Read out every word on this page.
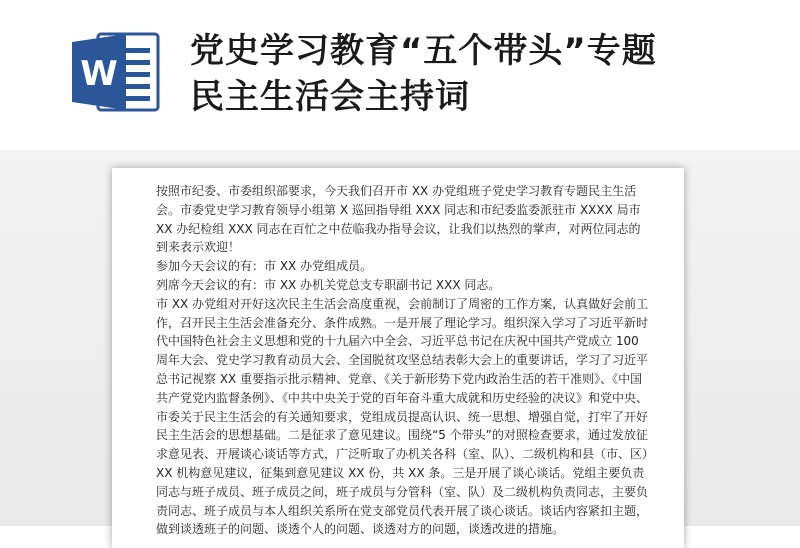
W
党史学习教育“五个带头”专题
民主生活会主持词

按照市纪委、市委组织部要求，今天我们召开市 XX 办党组班子党史学习教育专题民主生活会。市委党史学习教育领导小组第 X 巡回指导组 XXX 同志和市纪委监委派驻市 XXXX 局市 XX 办纪检组 XXX 同志在百忙之中莅临我办指导会议，让我们以热烈的掌声，对两位同志的到来表示欢迎！

参加今天会议的有：市 XX 办党组成员。

列席今天会议的有：市 XX 办机关党总支专职副书记 XXX 同志。

市 XX 办党组对开好这次民主生活会高度重视，会前制订了周密的工作方案，认真做好会前工作，召开民主生活会准备充分、条件成熟。一是开展了理论学习。组织深入学习了习近平新时代中国特色社会主义思想和党的十九届六中全会、习近平总书记在庆祝中国共产党成立 100 周年大会、党史学习教育动员大会、全国脱贫攻坚总结表彰大会上的重要讲话，学习了习近平总书记视察 XX 重要指示批示精神、党章、《关于新形势下党内政治生活的若干准则》、《中国共产党党内监督条例》、《中共中央关于党的百年奋斗重大成就和历史经验的决议》和党中央、市委关于民主生活会的有关通知要求，党组成员提高认识、统一思想、增强自觉，打牢了开好民主生活会的思想基础。二是征求了意见建议。围绕“5 个带头”的对照检查要求，通过发放征求意见表、开展谈心谈话等方式，广泛听取了办机关各科（室、队）、二级机构和县（市、区）XX 机构意见建议，征集到意见建议 XX 份，共 XX 条。三是开展了谈心谈话。党组主要负责同志与班子成员、班子成员之间，班子成员与分管科（室、队）及二级机构负责同志，主要负责同志、班子成员与本人组织关系所在党支部党员代表开展了谈心谈话。谈话内容紧扣主题，做到谈透班子的问题、谈透个人的问题、谈透对方的问题，谈透改进的措施。
